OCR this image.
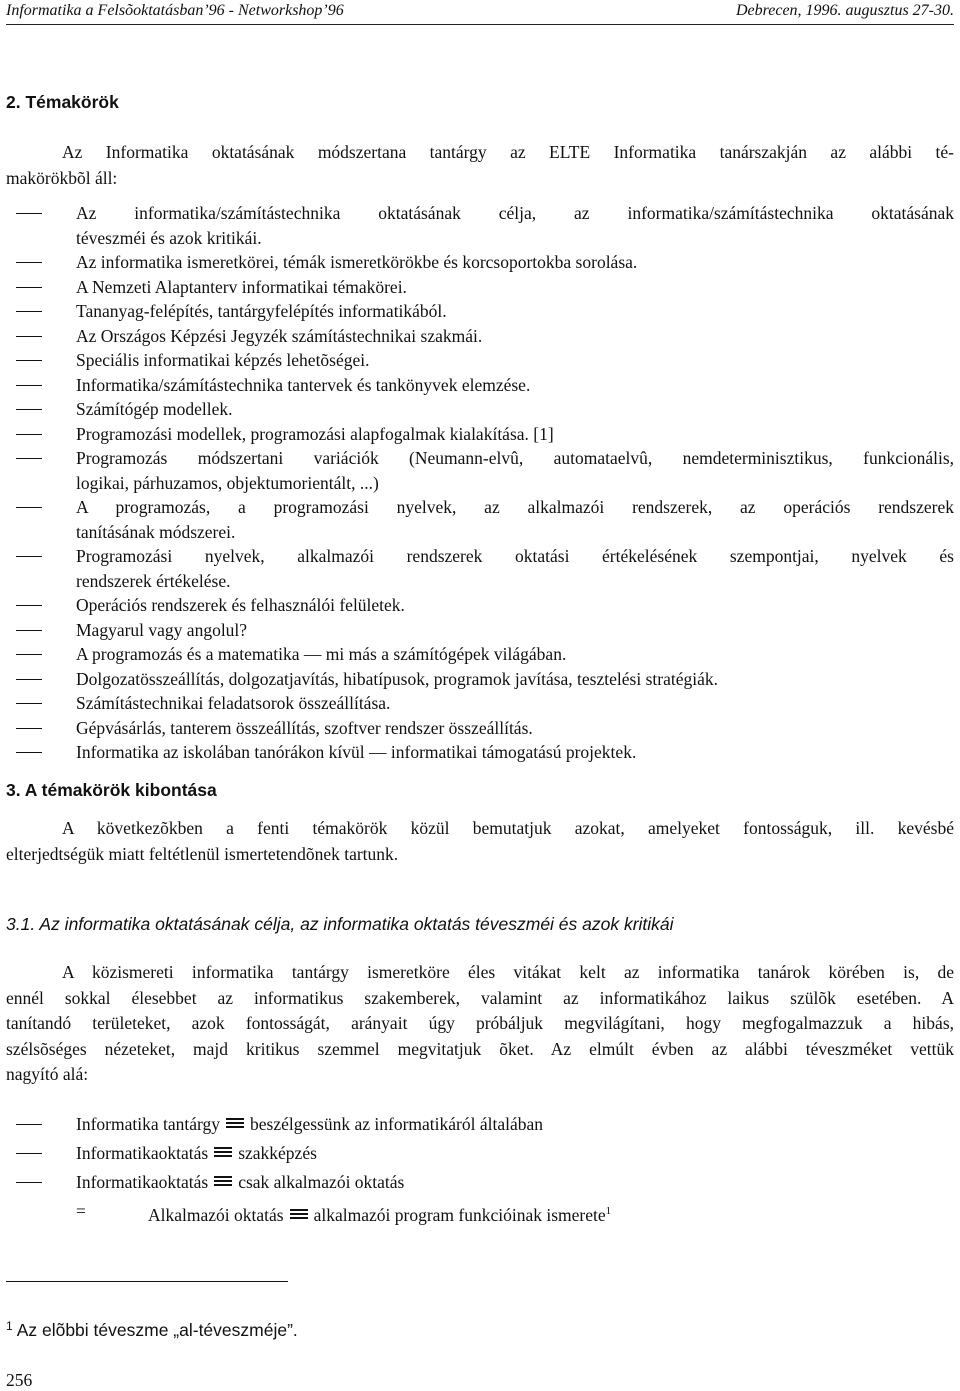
Informatika a Felsõoktatásban’96 - Networkshop’96	Debrecen, 1996. augusztus 27-30.
2. Témakörök
Az Informatika oktatásának módszertana tantárgy az ELTE Informatika tanárszakján az alábbi té-
makörökbõl áll:
Az informatika/számítástechnika oktatásának célja, az informatika/számítástechnika oktatásának
téveszméi és azok kritikái.
Az informatika ismeretkörei, témák ismeretkörökbe és korcsoportokba sorolása.
A Nemzeti Alaptanterv informatikai témakörei.
Tananyag-felépítés, tantárgyfelépítés informatikából.
Az Országos Képzési Jegyzék számítástechnikai szakmái.
Speciális informatikai képzés lehetõségei.
Informatika/számítástechnika tantervek és tankönyvek elemzése.
Számítógép modellek.
Programozási modellek, programozási alapfogalmak kialakítása. [1]
Programozás módszertani variációk (Neumann-elvû, automataelvû, nemdeterminisztikus, funkcionális,
logikai, párhuzamos, objektumorientált, ...)
A programozás, a programozási nyelvek, az alkalmazói rendszerek, az operációs rendszerek
tanításának módszerei.
Programozási nyelvek, alkalmazói rendszerek oktatási értékelésének szempontjai, nyelvek és
rendszerek értékelése.
Operációs rendszerek és felhasználói felületek.
Magyarul vagy angolul?
A programozás és a matematika — mi más a számítógépek világában.
Dolgozatösszeállítás, dolgozatjavítás, hibatípusok, programok javítása, tesztelési stratégiák.
Számítástechnikai feladatsorok összeállítása.
Gépvásárlás, tanterem összeállítás, szoftver rendszer összeállítás.
Informatika az iskolában tanórákon kívül — informatikai támogatású projektek.
3. A témakörök kibontása
A következõkben a fenti témakörök közül bemutatjuk azokat, amelyeket fontosságuk, ill. kevésbé
elterjedtségük miatt feltétlenül ismertetendõnek tartunk.
3.1. Az informatika oktatásának célja, az informatika oktatás téveszméi és azok kritikái
A közismereti informatika tantárgy ismeretköre éles vitákat kelt az informatika tanárok körében is, de
ennél sokkal élesebbet az informatikus szakemberek, valamint az informatikához laikus szülõk esetében. A
tanítandó területeket, azok fontosságát, arányait úgy próbáljuk megvilágítani, hogy megfogalmazzuk a hibás,
szélsõséges nézeteket, majd kritikus szemmel megvitatjuk õket. Az elmúlt évben az alábbi téveszméket vettük
nagyító alá:
Informatika tantárgy beszélgessünk az informatikáról általában
Informatikaoktatás szakképzés
Informatikaoktatás csak alkalmazói oktatás
=	Alkalmazói oktatás alkalmazói program funkcióinak ismerete$^1$
$^1$ Az elõbbi téveszme „al-téveszméje”.
256
